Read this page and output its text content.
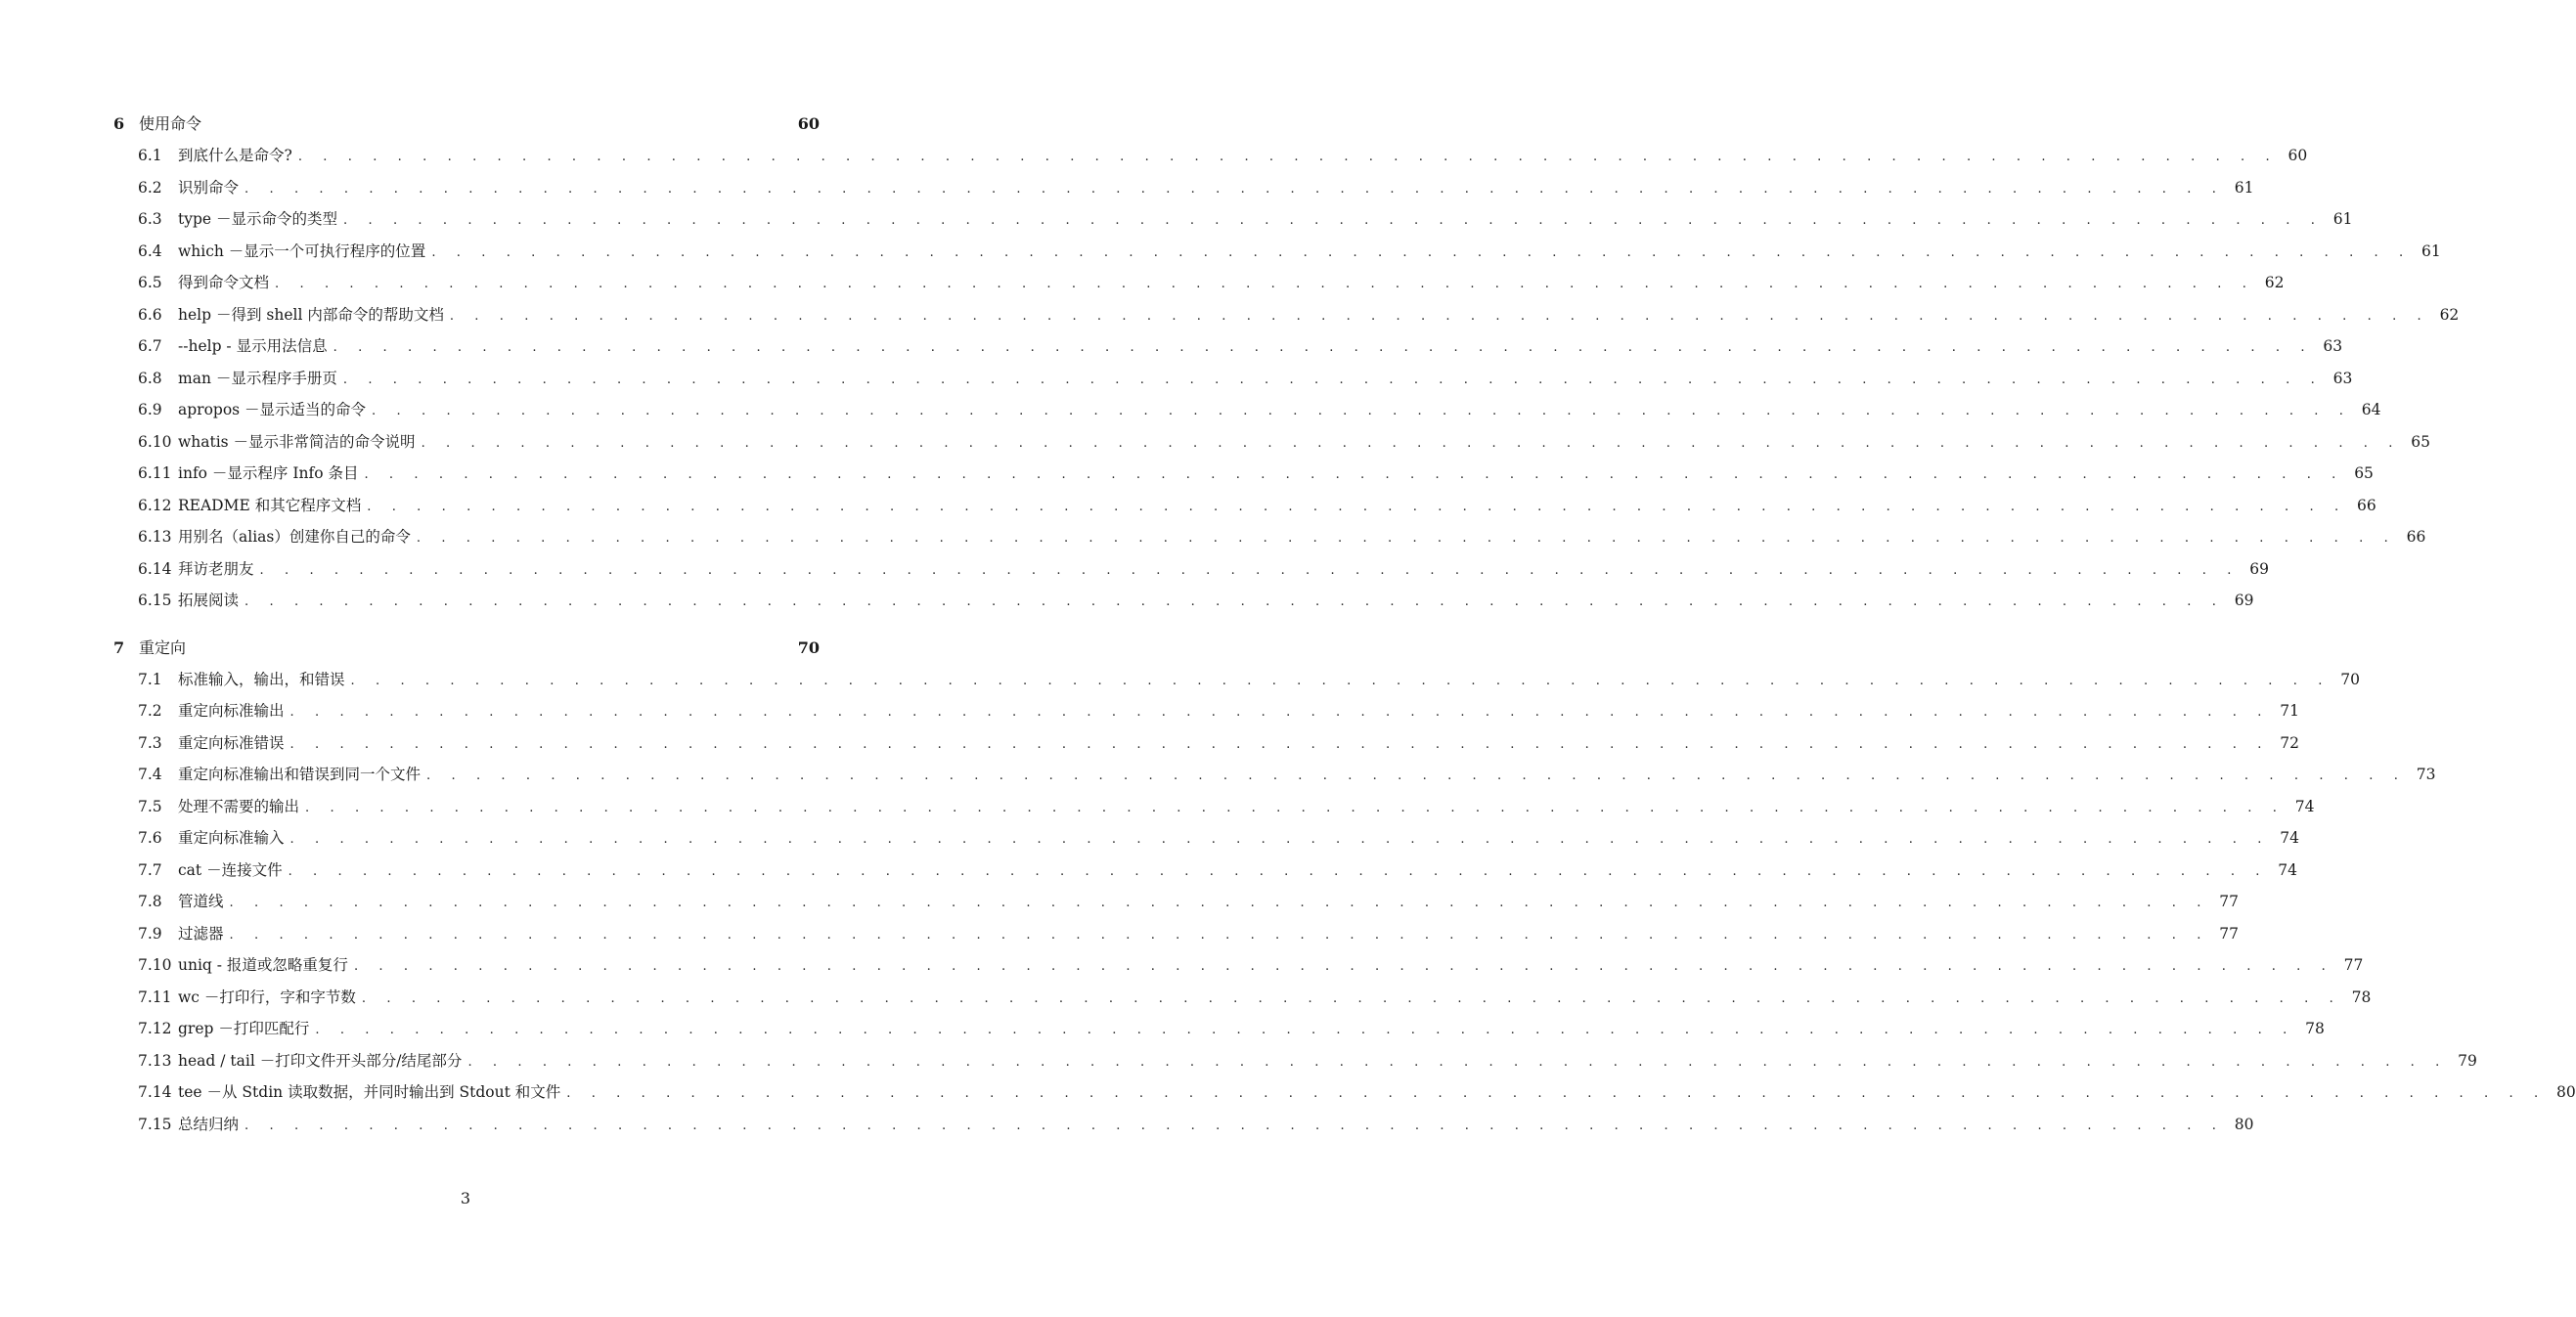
6 使用命令	60
6.1	到底什么是命令? . . . . . . . . . . . . . . . . . . . . . . . . . . . . . . . . . . . . . . . . . . . . . . . . . . . . . . . . . . . . . . . . . . . . . . . . . . . . . . . . 60
6.2	识别命令 . . . . . . . . . . . . . . . . . . . . . . . . . . . . . . . . . . . . . . . . . . . . . . . . . . . . . . . . . . . . . . . . . . . . . . . . . . . . . . . . 61
6.3	type －显示命令的类型 . . . . . . . . . . . . . . . . . . . . . . . . . . . . . . . . . . . . . . . . . . . . . . . . . . . . . . . . . . . . . . . . . . . . . . . . . . . . . . . . 61
6.4	which －显示一个可执行程序的位置 . . . . . . . . . . . . . . . . . . . . . . . . . . . . . . . . . . . . . . . . . . . . . . . . . . . . . . . . . . . . . . . . . . . . . . . . . . . . . . . . 61
6.5	得到命令文档 . . . . . . . . . . . . . . . . . . . . . . . . . . . . . . . . . . . . . . . . . . . . . . . . . . . . . . . . . . . . . . . . . . . . . . . . . . . . . . . . 62
6.6	help －得到 shell 内部命令的帮助文档 . . . . . . . . . . . . . . . . . . . . . . . . . . . . . . . . . . . . . . . . . . . . . . . . . . . . . . . . . . . . . . . . . . . . . . . . . . . . . . . . 62
6.7	--help - 显示用法信息 . . . . . . . . . . . . . . . . . . . . . . . . . . . . . . . . . . . . . . . . . . . . . . . . . . . . . . . . . . . . . . . . . . . . . . . . . . . . . . . . 63
6.8	man －显示程序手册页 . . . . . . . . . . . . . . . . . . . . . . . . . . . . . . . . . . . . . . . . . . . . . . . . . . . . . . . . . . . . . . . . . . . . . . . . . . . . . . . . 63
6.9	apropos －显示适当的命令 . . . . . . . . . . . . . . . . . . . . . . . . . . . . . . . . . . . . . . . . . . . . . . . . . . . . . . . . . . . . . . . . . . . . . . . . . . . . . . . . 64
6.10 whatis －显示非常简洁的命令说明 . . . . . . . . . . . . . . . . . . . . . . . . . . . . . . . . . . . . . . . . . . . . . . . . . . . . . . . . . . . . . . . . . . . . . . . . . . . . . . . . 65
6.11 info －显示程序 Info 条目 . . . . . . . . . . . . . . . . . . . . . . . . . . . . . . . . . . . . . . . . . . . . . . . . . . . . . . . . . . . . . . . . . . . . . . . . . . . . . . . . 65
6.12 README 和其它程序文档 . . . . . . . . . . . . . . . . . . . . . . . . . . . . . . . . . . . . . . . . . . . . . . . . . . . . . . . . . . . . . . . . . . . . . . . . . . . . . . . . 66
6.13 用别名（alias）创建你自己的命令 . . . . . . . . . . . . . . . . . . . . . . . . . . . . . . . . . . . . . . . . . . . . . . . . . . . . . . . . . . . . . . . . . . . . . . . . . . . . . . . . 66
6.14 拜访老朋友 . . . . . . . . . . . . . . . . . . . . . . . . . . . . . . . . . . . . . . . . . . . . . . . . . . . . . . . . . . . . . . . . . . . . . . . . . . . . . . . . 69
6.15 拓展阅读 . . . . . . . . . . . . . . . . . . . . . . . . . . . . . . . . . . . . . . . . . . . . . . . . . . . . . . . . . . . . . . . . . . . . . . . . . . . . . . . . 69
7 重定向	70
7.1	标准输入，输出，和错误 . . . . . . . . . . . . . . . . . . . . . . . . . . . . . . . . . . . . . . . . . . . . . . . . . . . . . . . . . . . . . . . . . . . . . . . . . . . . . . . . 70
7.2	重定向标准输出 . . . . . . . . . . . . . . . . . . . . . . . . . . . . . . . . . . . . . . . . . . . . . . . . . . . . . . . . . . . . . . . . . . . . . . . . . . . . . . . . 71
7.3	重定向标准错误 . . . . . . . . . . . . . . . . . . . . . . . . . . . . . . . . . . . . . . . . . . . . . . . . . . . . . . . . . . . . . . . . . . . . . . . . . . . . . . . . 72
7.4	重定向标准输出和错误到同一个文件 . . . . . . . . . . . . . . . . . . . . . . . . . . . . . . . . . . . . . . . . . . . . . . . . . . . . . . . . . . . . . . . . . . . . . . . . . . . . . . . . 73
7.5	处理不需要的输出 . . . . . . . . . . . . . . . . . . . . . . . . . . . . . . . . . . . . . . . . . . . . . . . . . . . . . . . . . . . . . . . . . . . . . . . . . . . . . . . . 74
7.6	重定向标准输入 . . . . . . . . . . . . . . . . . . . . . . . . . . . . . . . . . . . . . . . . . . . . . . . . . . . . . . . . . . . . . . . . . . . . . . . . . . . . . . . . 74
7.7	cat －连接文件 . . . . . . . . . . . . . . . . . . . . . . . . . . . . . . . . . . . . . . . . . . . . . . . . . . . . . . . . . . . . . . . . . . . . . . . . . . . . . . . . 74
7.8	管道线 . . . . . . . . . . . . . . . . . . . . . . . . . . . . . . . . . . . . . . . . . . . . . . . . . . . . . . . . . . . . . . . . . . . . . . . . . . . . . . . . 77
7.9	过滤器 . . . . . . . . . . . . . . . . . . . . . . . . . . . . . . . . . . . . . . . . . . . . . . . . . . . . . . . . . . . . . . . . . . . . . . . . . . . . . . . . 77
7.10 uniq - 报道或忽略重复行 . . . . . . . . . . . . . . . . . . . . . . . . . . . . . . . . . . . . . . . . . . . . . . . . . . . . . . . . . . . . . . . . . . . . . . . . . . . . . . . . 77
7.11 wc －打印行，字和字节数 . . . . . . . . . . . . . . . . . . . . . . . . . . . . . . . . . . . . . . . . . . . . . . . . . . . . . . . . . . . . . . . . . . . . . . . . . . . . . . . . 78
7.12 grep －打印匹配行 . . . . . . . . . . . . . . . . . . . . . . . . . . . . . . . . . . . . . . . . . . . . . . . . . . . . . . . . . . . . . . . . . . . . . . . . . . . . . . . . 78
7.13 head / tail －打印文件开头部分/结尾部分 . . . . . . . . . . . . . . . . . . . . . . . . . . . . . . . . . . . . . . . . . . . . . . . . . . . . . . . . . . . . . . . . . . . . . . . . . . . . . . . . 79
7.14 tee －从 Stdin 读取数据，并同时输出到 Stdout 和文件 . . . . . . . . . . . . . . . . . . . . . . . . . . . . . . . . . . . . . . . . . . . . . . . . . . . . . . . . . . . . . . . . . . . . . . . . . . . . . . . . 80
7.15 总结归纳 . . . . . . . . . . . . . . . . . . . . . . . . . . . . . . . . . . . . . . . . . . . . . . . . . . . . . . . . . . . . . . . . . . . . . . . . . . . . . . . . 80
3
